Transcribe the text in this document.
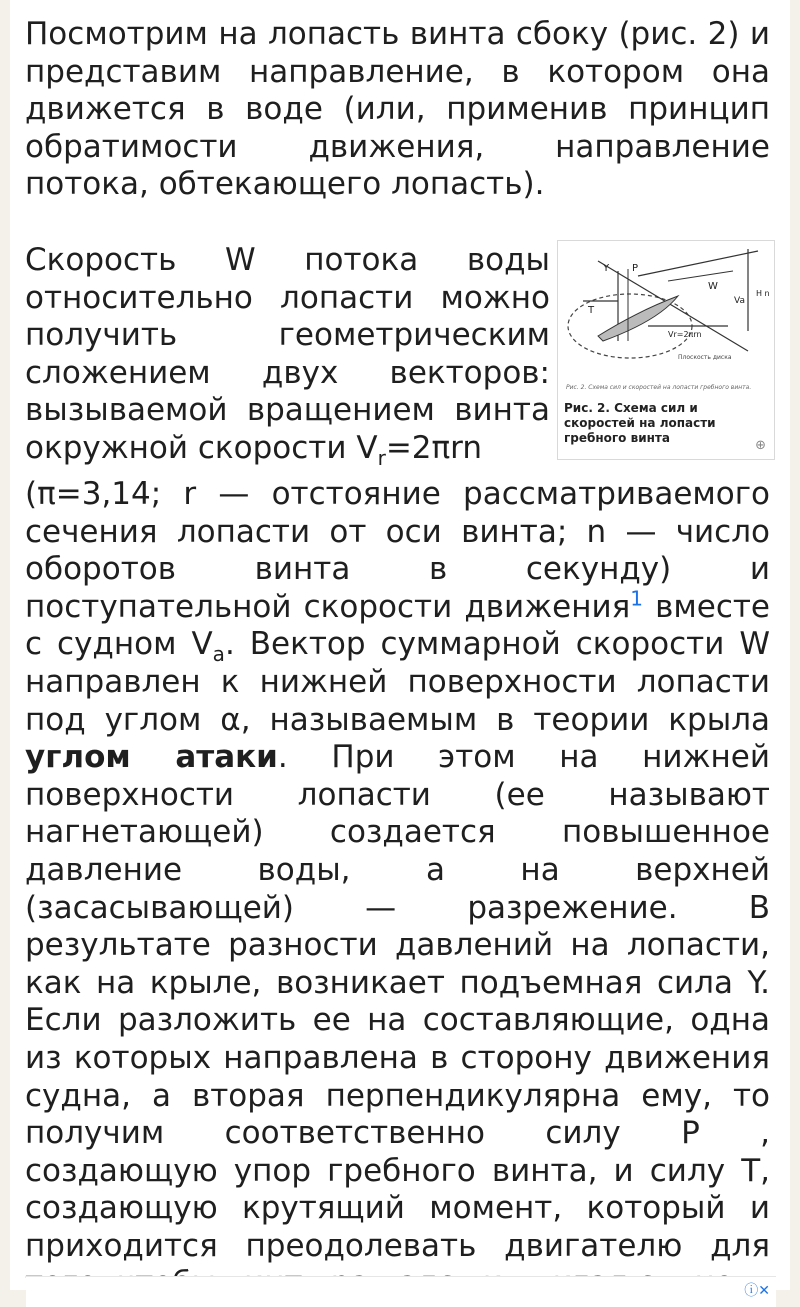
Посмотрим на лопасть винта сбоку (рис. 2) и представим направление, в котором она движется в воде (или, применив принцип обратимости движения, направление потока, обтекающего лопасть).

Скорость W потока воды относительно лопасти можно получить геометрическим сложением двух векторов: вызываемой вращением винта окружной скорости $V_r=2\pi rn$

Y P
W
T
Vr=2πrn
Va
H n
Плоскость диска
Рис. 2. Схема сил и скоростей на лопасти гребного винта.
Рис. 2. Схема сил и скоростей на лопасти гребного винта	⊕

(π=3,14; r — отстояние рассматриваемого сечения лопасти от оси винта; n — число оборотов винта в секунду) и поступательной скорости движения$^1$ вместе с судном $V_a$. Вектор суммарной скорости W направлен к нижней поверхности лопасти под углом α, называемым в теории крыла углом атаки. При этом на нижней поверхности лопасти (ее называют нагнетающей) создается повышенное давление воды, а на верхней (засасывающей) — разрежение. В результате разности давлений на лопасти, как на крыле, возникает подъемная сила Y. Если разложить ее на составляющие, одна из которых направлена в сторону движения судна, а вторая перпендикулярна ему, то получим соответственно силу Р , создающую упор гребного винта, и силу Т, создающую крутящий момент, который и приходится преодолевать двигателю для

ⓘ✕
